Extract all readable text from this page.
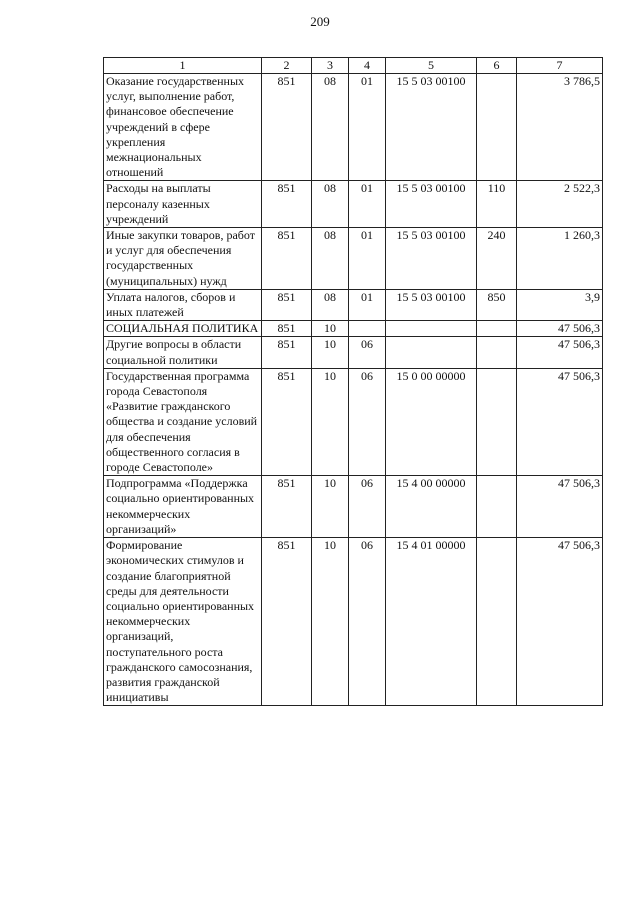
209
1	2	3	4	5	6	7
Оказание государственных услуг, выполнение работ, финансовое обеспечение учреждений в сфере укрепления межнациональных отношений	851	08	01	15 5 03 00100		3 786,5
Расходы на выплаты персоналу казенных учреждений	851	08	01	15 5 03 00100	110	2 522,3
Иные закупки товаров, работ и услуг для обеспечения государственных (муниципальных) нужд	851	08	01	15 5 03 00100	240	1 260,3
Уплата налогов, сборов и иных платежей	851	08	01	15 5 03 00100	850	3,9
СОЦИАЛЬНАЯ ПОЛИТИКА	851	10				47 506,3
Другие вопросы в области социальной политики	851	10	06			47 506,3
Государственная программа города Севастополя «Развитие гражданского общества и создание условий для обеспечения общественного согласия в городе Севастополе»	851	10	06	15 0 00 00000		47 506,3
Подпрограмма «Поддержка социально ориентированных некоммерческих организаций»	851	10	06	15 4 00 00000		47 506,3
Формирование экономических стимулов и создание благоприятной среды для деятельности социально ориентированных некоммерческих организаций, поступательного роста гражданского самосознания, развития гражданской инициативы	851	10	06	15 4 01 00000		47 506,3
